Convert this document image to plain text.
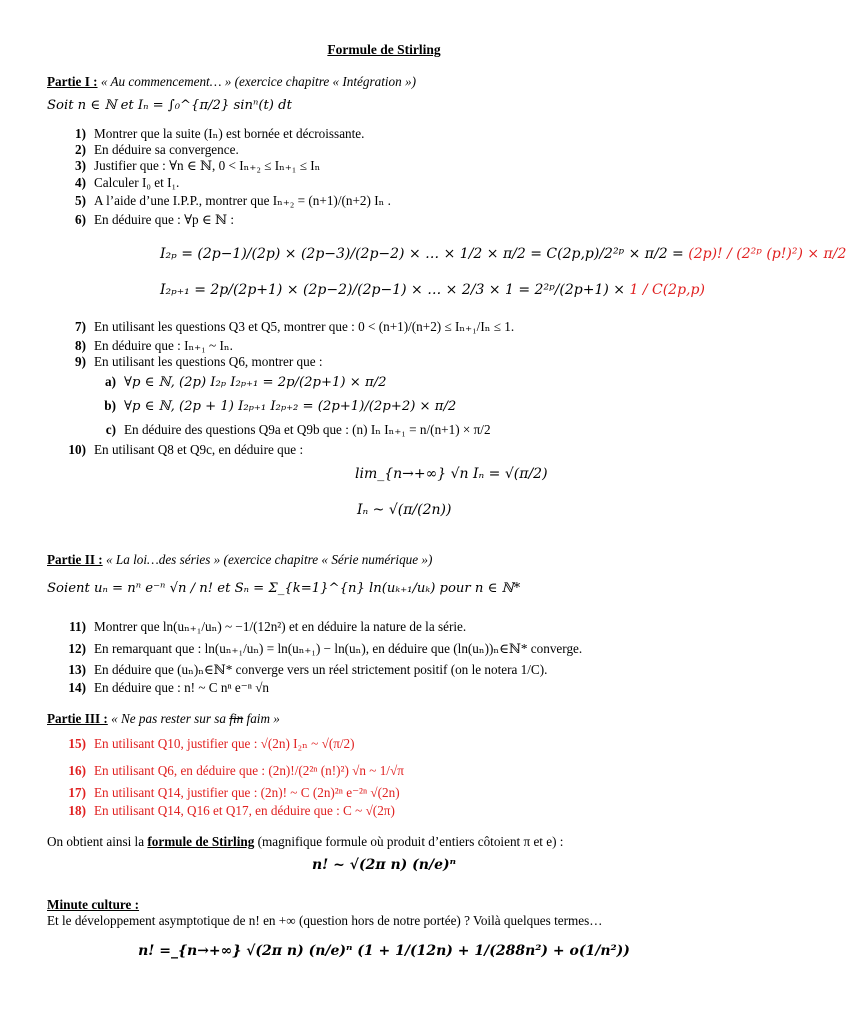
Formule de Stirling
Partie I : « Au commencement… » (exercice chapitre « Intégration »)
Soit n ∈ ℕ et Iₙ = ∫₀^{π/2} sinⁿ(t) dt
1) Montrer que la suite (Iₙ) est bornée et décroissante.
2) En déduire sa convergence.
3) Justifier que : ∀n ∈ ℕ, 0 < Iₙ₊₂ ≤ Iₙ₊₁ ≤ Iₙ
4) Calculer I₀ et I₁.
5) A l’aide d’une I.P.P., montrer que Iₙ₊₂ = (n+1)/(n+2) Iₙ .
6) En déduire que : ∀p ∈ ℕ :
I₂ₚ = (2p−1)/(2p) × (2p−3)/(2p−2) × … × 1/2 × π/2 = C(2p,p)/2²ᵖ × π/2 = (2p)! / (2²ᵖ (p!)²) × π/2
I₂ₚ₊₁ = 2p/(2p+1) × (2p−2)/(2p−1) × … × 2/3 × 1 = 2²ᵖ/(2p+1) × 1 / C(2p,p)
7) En utilisant les questions Q3 et Q5, montrer que : 0 < (n+1)/(n+2) ≤ Iₙ₊₁/Iₙ ≤ 1.
8) En déduire que : Iₙ₊₁ ~ Iₙ.
9) En utilisant les questions Q6, montrer que :
a) ∀p ∈ ℕ, (2p) I₂ₚ I₂ₚ₊₁ = 2p/(2p+1) × π/2
b) ∀p ∈ ℕ, (2p + 1) I₂ₚ₊₁ I₂ₚ₊₂ = (2p+1)/(2p+2) × π/2
c) En déduire des questions Q9a et Q9b que : (n) Iₙ Iₙ₊₁ = n/(n+1) × π/2
10) En utilisant Q8 et Q9c, en déduire que :
lim_{n→+∞} √n Iₙ = √(π/2)
Iₙ ~ √(π/(2n))
Partie II : « La loi…des séries » (exercice chapitre « Série numérique »)
Soient uₙ = nⁿ e⁻ⁿ √n / n! et Sₙ = Σ_{k=1}^{n} ln(uₖ₊₁/uₖ) pour n ∈ ℕ*
11) Montrer que ln(uₙ₊₁/uₙ) ~ −1/(12n²) et en déduire la nature de la série.
12) En remarquant que : ln(uₙ₊₁/uₙ) = ln(uₙ₊₁) − ln(uₙ), en déduire que (ln(uₙ))ₙ∈ℕ* converge.
13) En déduire que (uₙ)ₙ∈ℕ* converge vers un réel strictement positif (on le notera 1/C).
14) En déduire que : n! ~ C nⁿ e⁻ⁿ √n
Partie III : « Ne pas rester sur sa fin faim »
15) En utilisant Q10, justifier que : √(2n) I₂ₙ ~ √(π/2)
16) En utilisant Q6, en déduire que : (2n)!/(2²ⁿ (n!)²) √n ~ 1/√π
17) En utilisant Q14, justifier que : (2n)! ~ C (2n)²ⁿ e⁻²ⁿ √(2n)
18) En utilisant Q14, Q16 et Q17, en déduire que : C ~ √(2π)
On obtient ainsi la formule de Stirling (magnifique formule où produit d’entiers côtoient π et e) :
n! ~ √(2π n) (n/e)ⁿ
Minute culture :
Et le développement asymptotique de n! en +∞ (question hors de notre portée) ? Voilà quelques termes…
n! =_{n→+∞} √(2π n) (n/e)ⁿ (1 + 1/(12n) + 1/(288n²) + o(1/n²))
